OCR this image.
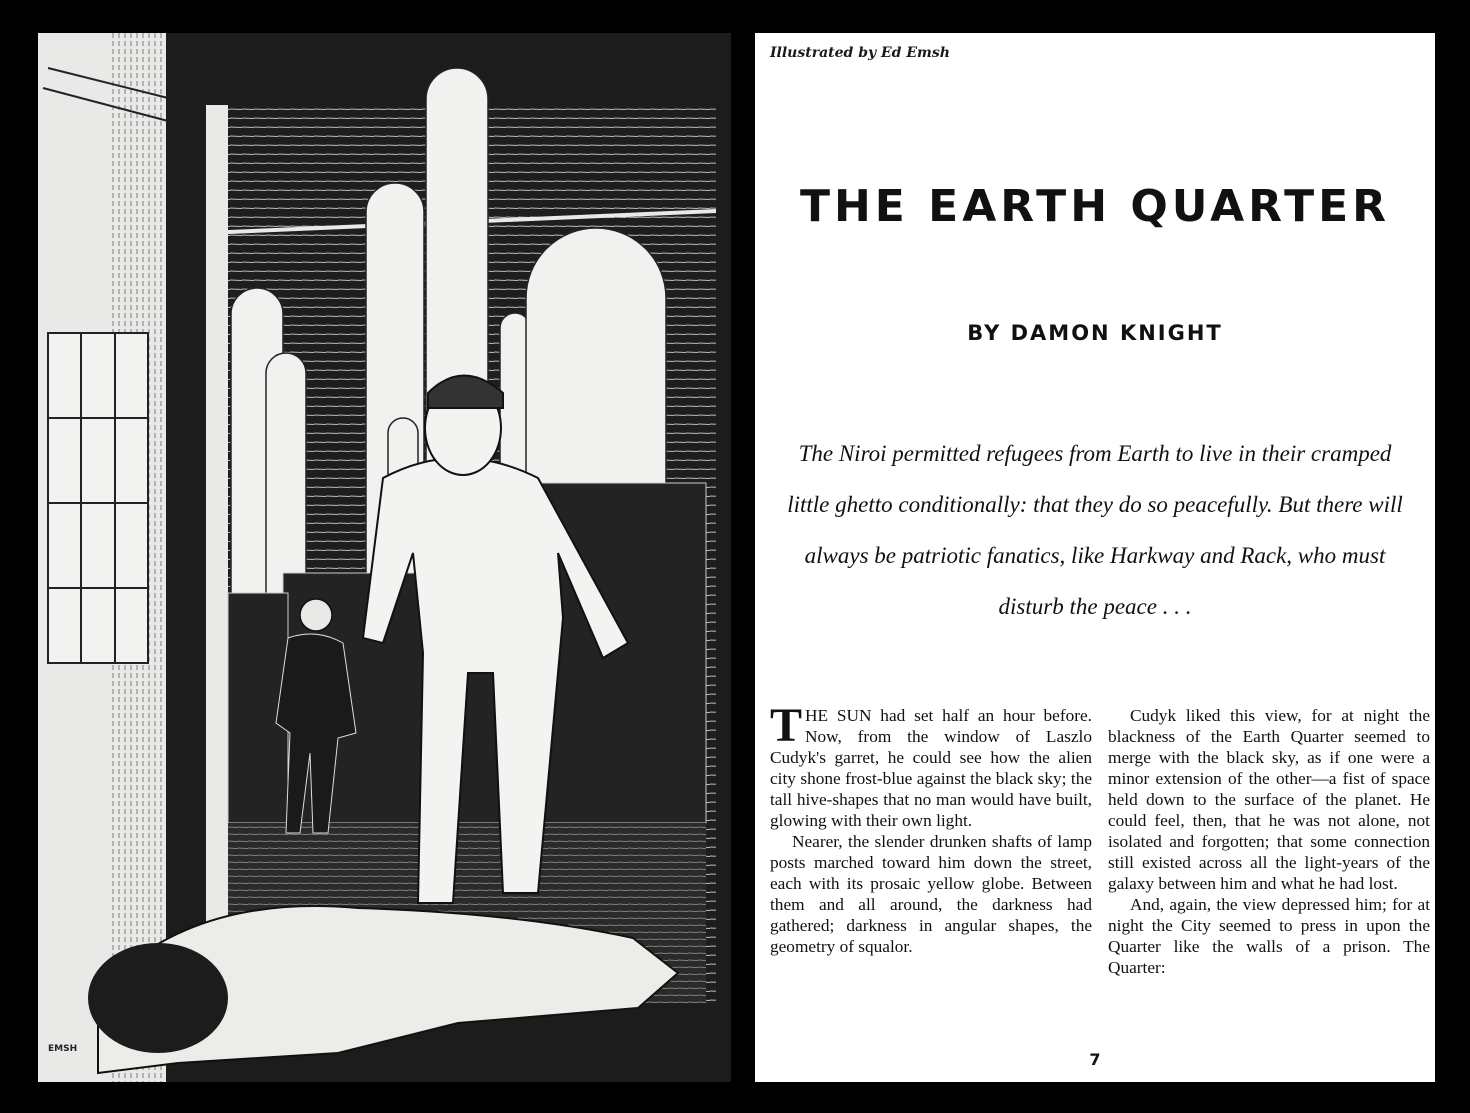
EMSH
Illustrated by Ed Emsh
THE EARTH QUARTER
BY DAMON KNIGHT
The Niroi permitted refugees from Earth to live in their cramped little ghetto conditionally: that they do so peacefully. But there will always be patriotic fanatics, like Harkway and Rack, who must disturb the peace . . .

THE SUN had set half an hour before. Now, from the window of Laszlo Cudyk's garret, he could see how the alien city shone frost-blue against the black sky; the tall hive-shapes that no man would have built, glowing with their own light.

Nearer, the slender drunken shafts of lamp posts marched toward him down the street, each with its prosaic yellow globe. Between them and all around, the darkness had gathered; darkness in angular shapes, the geometry of squalor.

Cudyk liked this view, for at night the blackness of the Earth Quarter seemed to merge with the black sky, as if one were a minor extension of the other—a fist of space held down to the surface of the planet. He could feel, then, that he was not alone, not isolated and forgotten; that some connection still existed across all the light-years of the galaxy between him and what he had lost.

And, again, the view depressed him; for at night the City seemed to press in upon the Quarter like the walls of a prison. The Quarter:

7
